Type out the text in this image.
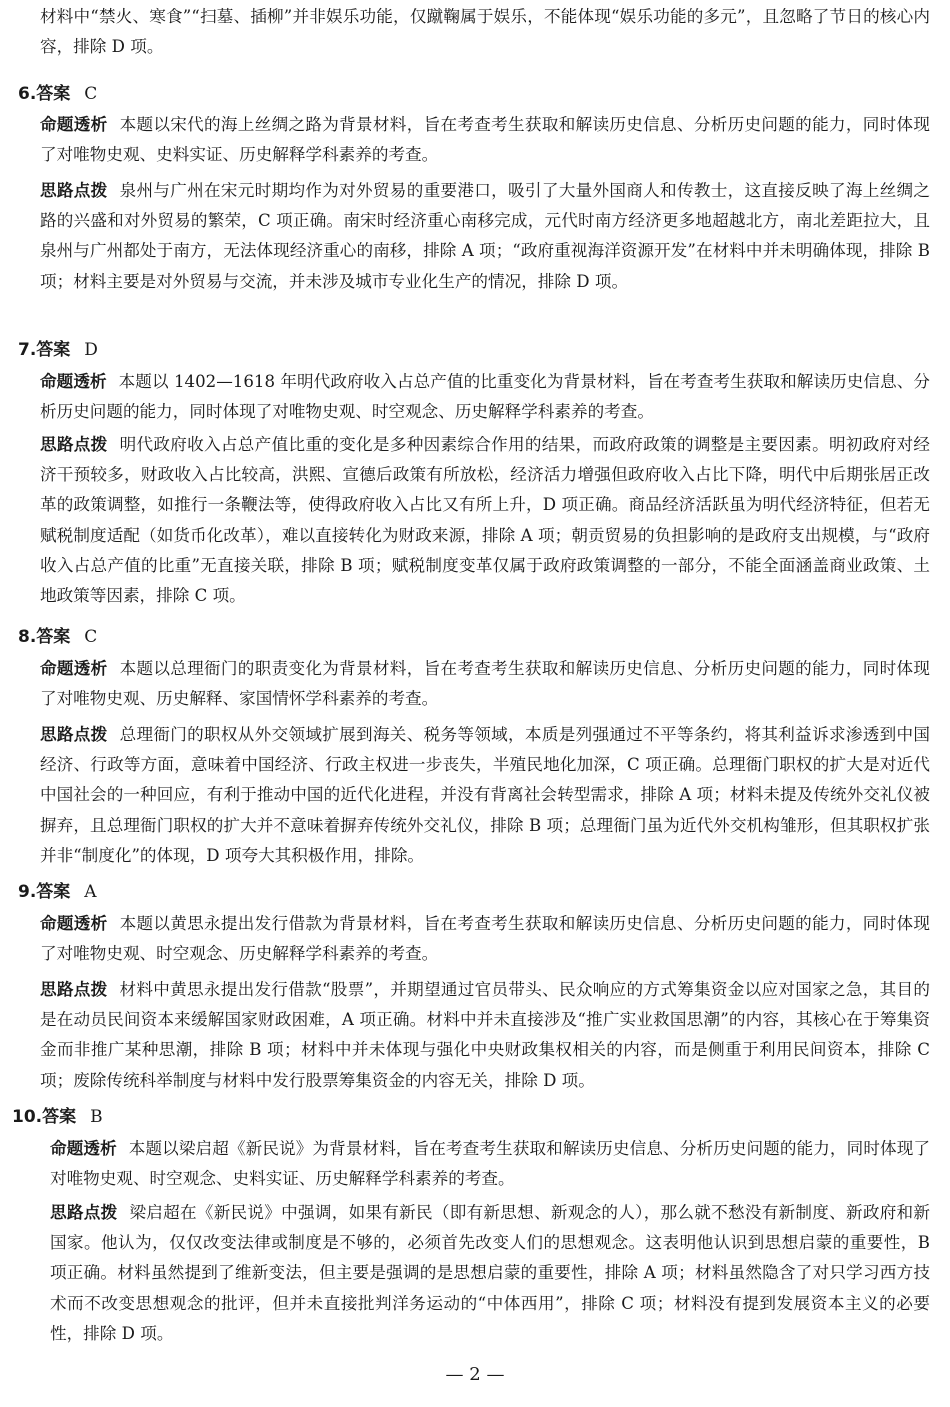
材料中“禁火、寒食”“扫墓、插柳”并非娱乐功能，仅蹴鞠属于娱乐，不能体现“娱乐功能的多元”，且忽略了节日的核心内容，排除 D 项。

6.答案 C

命题透析 本题以宋代的海上丝绸之路为背景材料，旨在考查考生获取和解读历史信息、分析历史问题的能力，同时体现了对唯物史观、史料实证、历史解释学科素养的考查。

思路点拨 泉州与广州在宋元时期均作为对外贸易的重要港口，吸引了大量外国商人和传教士，这直接反映了海上丝绸之路的兴盛和对外贸易的繁荣，C 项正确。南宋时经济重心南移完成，元代时南方经济更多地超越北方，南北差距拉大，且泉州与广州都处于南方，无法体现经济重心的南移，排除 A 项；“政府重视海洋资源开发”在材料中并未明确体现，排除 B 项；材料主要是对外贸易与交流，并未涉及城市专业化生产的情况，排除 D 项。

7.答案 D

命题透析 本题以 1402—1618 年明代政府收入占总产值的比重变化为背景材料，旨在考查考生获取和解读历史信息、分析历史问题的能力，同时体现了对唯物史观、时空观念、历史解释学科素养的考查。

思路点拨 明代政府收入占总产值比重的变化是多种因素综合作用的结果，而政府政策的调整是主要因素。明初政府对经济干预较多，财政收入占比较高，洪熙、宣德后政策有所放松，经济活力增强但政府收入占比下降，明代中后期张居正改革的政策调整，如推行一条鞭法等，使得政府收入占比又有所上升，D 项正确。商品经济活跃虽为明代经济特征，但若无赋税制度适配（如货币化改革），难以直接转化为财政来源，排除 A 项；朝贡贸易的负担影响的是政府支出规模，与“政府收入占总产值的比重”无直接关联，排除 B 项；赋税制度变革仅属于政府政策调整的一部分，不能全面涵盖商业政策、土地政策等因素，排除 C 项。

8.答案 C

命题透析 本题以总理衙门的职责变化为背景材料，旨在考查考生获取和解读历史信息、分析历史问题的能力，同时体现了对唯物史观、历史解释、家国情怀学科素养的考查。

思路点拨 总理衙门的职权从外交领域扩展到海关、税务等领域，本质是列强通过不平等条约，将其利益诉求渗透到中国经济、行政等方面，意味着中国经济、行政主权进一步丧失，半殖民地化加深，C 项正确。总理衙门职权的扩大是对近代中国社会的一种回应，有利于推动中国的近代化进程，并没有背离社会转型需求，排除 A 项；材料未提及传统外交礼仪被摒弃，且总理衙门职权的扩大并不意味着摒弃传统外交礼仪，排除 B 项；总理衙门虽为近代外交机构雏形，但其职权扩张并非“制度化”的体现，D 项夸大其积极作用，排除。

9.答案 A

命题透析 本题以黄思永提出发行借款为背景材料，旨在考查考生获取和解读历史信息、分析历史问题的能力，同时体现了对唯物史观、时空观念、历史解释学科素养的考查。

思路点拨 材料中黄思永提出发行借款“股票”，并期望通过官员带头、民众响应的方式筹集资金以应对国家之急，其目的是在动员民间资本来缓解国家财政困难，A 项正确。材料中并未直接涉及“推广实业救国思潮”的内容，其核心在于筹集资金而非推广某种思潮，排除 B 项；材料中并未体现与强化中央财政集权相关的内容，而是侧重于利用民间资本，排除 C 项；废除传统科举制度与材料中发行股票筹集资金的内容无关，排除 D 项。

10.答案 B

命题透析 本题以梁启超《新民说》为背景材料，旨在考查考生获取和解读历史信息、分析历史问题的能力，同时体现了对唯物史观、时空观念、史料实证、历史解释学科素养的考查。

思路点拨 梁启超在《新民说》中强调，如果有新民（即有新思想、新观念的人），那么就不愁没有新制度、新政府和新国家。他认为，仅仅改变法律或制度是不够的，必须首先改变人们的思想观念。这表明他认识到思想启蒙的重要性，B 项正确。材料虽然提到了维新变法，但主要是强调的是思想启蒙的重要性，排除 A 项；材料虽然隐含了对只学习西方技术而不改变思想观念的批评，但并未直接批判洋务运动的“中体西用”，排除 C 项；材料没有提到发展资本主义的必要性，排除 D 项。

— 2 —
